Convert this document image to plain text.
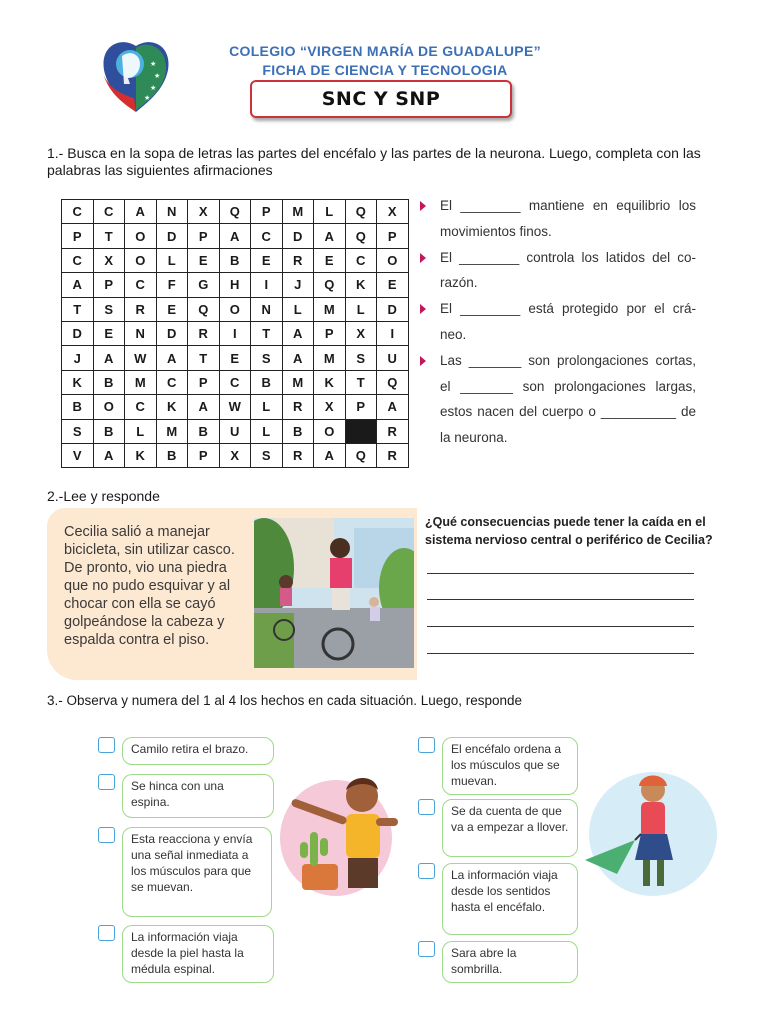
★
★
★
★
COLEGIO “VIRGEN MARÍA DE GUADALUPE”
FICHA DE CIENCIA Y TECNOLOGIA
SNC Y SNP
1.- Busca en la sopa de letras las partes del encéfalo y las partes de la neurona. Luego, completa con las palabras las siguientes afirmaciones
C	C	A	N	X	Q	P	M	L	Q	X
P	T	O	D	P	A	C	D	A	Q	P
C	X	O	L	E	B	E	R	E	C	O
A	P	C	F	G	H	I	J	Q	K	E
T	S	R	E	Q	O	N	L	M	L	D
D	E	N	D	R	I	T	A	P	X	I
J	A	W	A	T	E	S	A	M	S	U
K	B	M	C	P	C	B	M	K	T	Q
B	O	C	K	A	W	L	R	X	P	A
S	B	L	M	B	U	L	B	O		R
V	A	K	B	P	X	S	R	A	Q	R
El ________ mantiene en equilibrio los movimientos finos.
El ________ controla los latidos del co- razón.
El ________ está protegido por el crá- neo.
Las _______ son prolongaciones cortas, el _______ son prolongaciones largas, estos nacen del cuerpo o __________ de la neurona.
2.-Lee y responde
Cecilia salió a manejar bicicleta, sin utilizar casco. De pronto, vio una piedra que no pudo esquivar y al chocar con ella se cayó golpeándose la cabeza y espalda contra el piso.
¿Qué consecuencias puede tener la caída en el sistema nervioso central o periférico de Cecilia?
3.- Observa y numera del 1 al 4 los hechos en cada situación. Luego, responde
Camilo retira el brazo.
Se hinca con una espina.
Esta reacciona y envía una señal inmediata a los músculos para que se muevan.
La información viaja desde la piel hasta la médula espinal.
El encéfalo ordena a los músculos que se muevan.
Se da cuenta de que va a empezar a llover.
La información viaja desde los sentidos hasta el encéfalo.
Sara abre la sombrilla.
